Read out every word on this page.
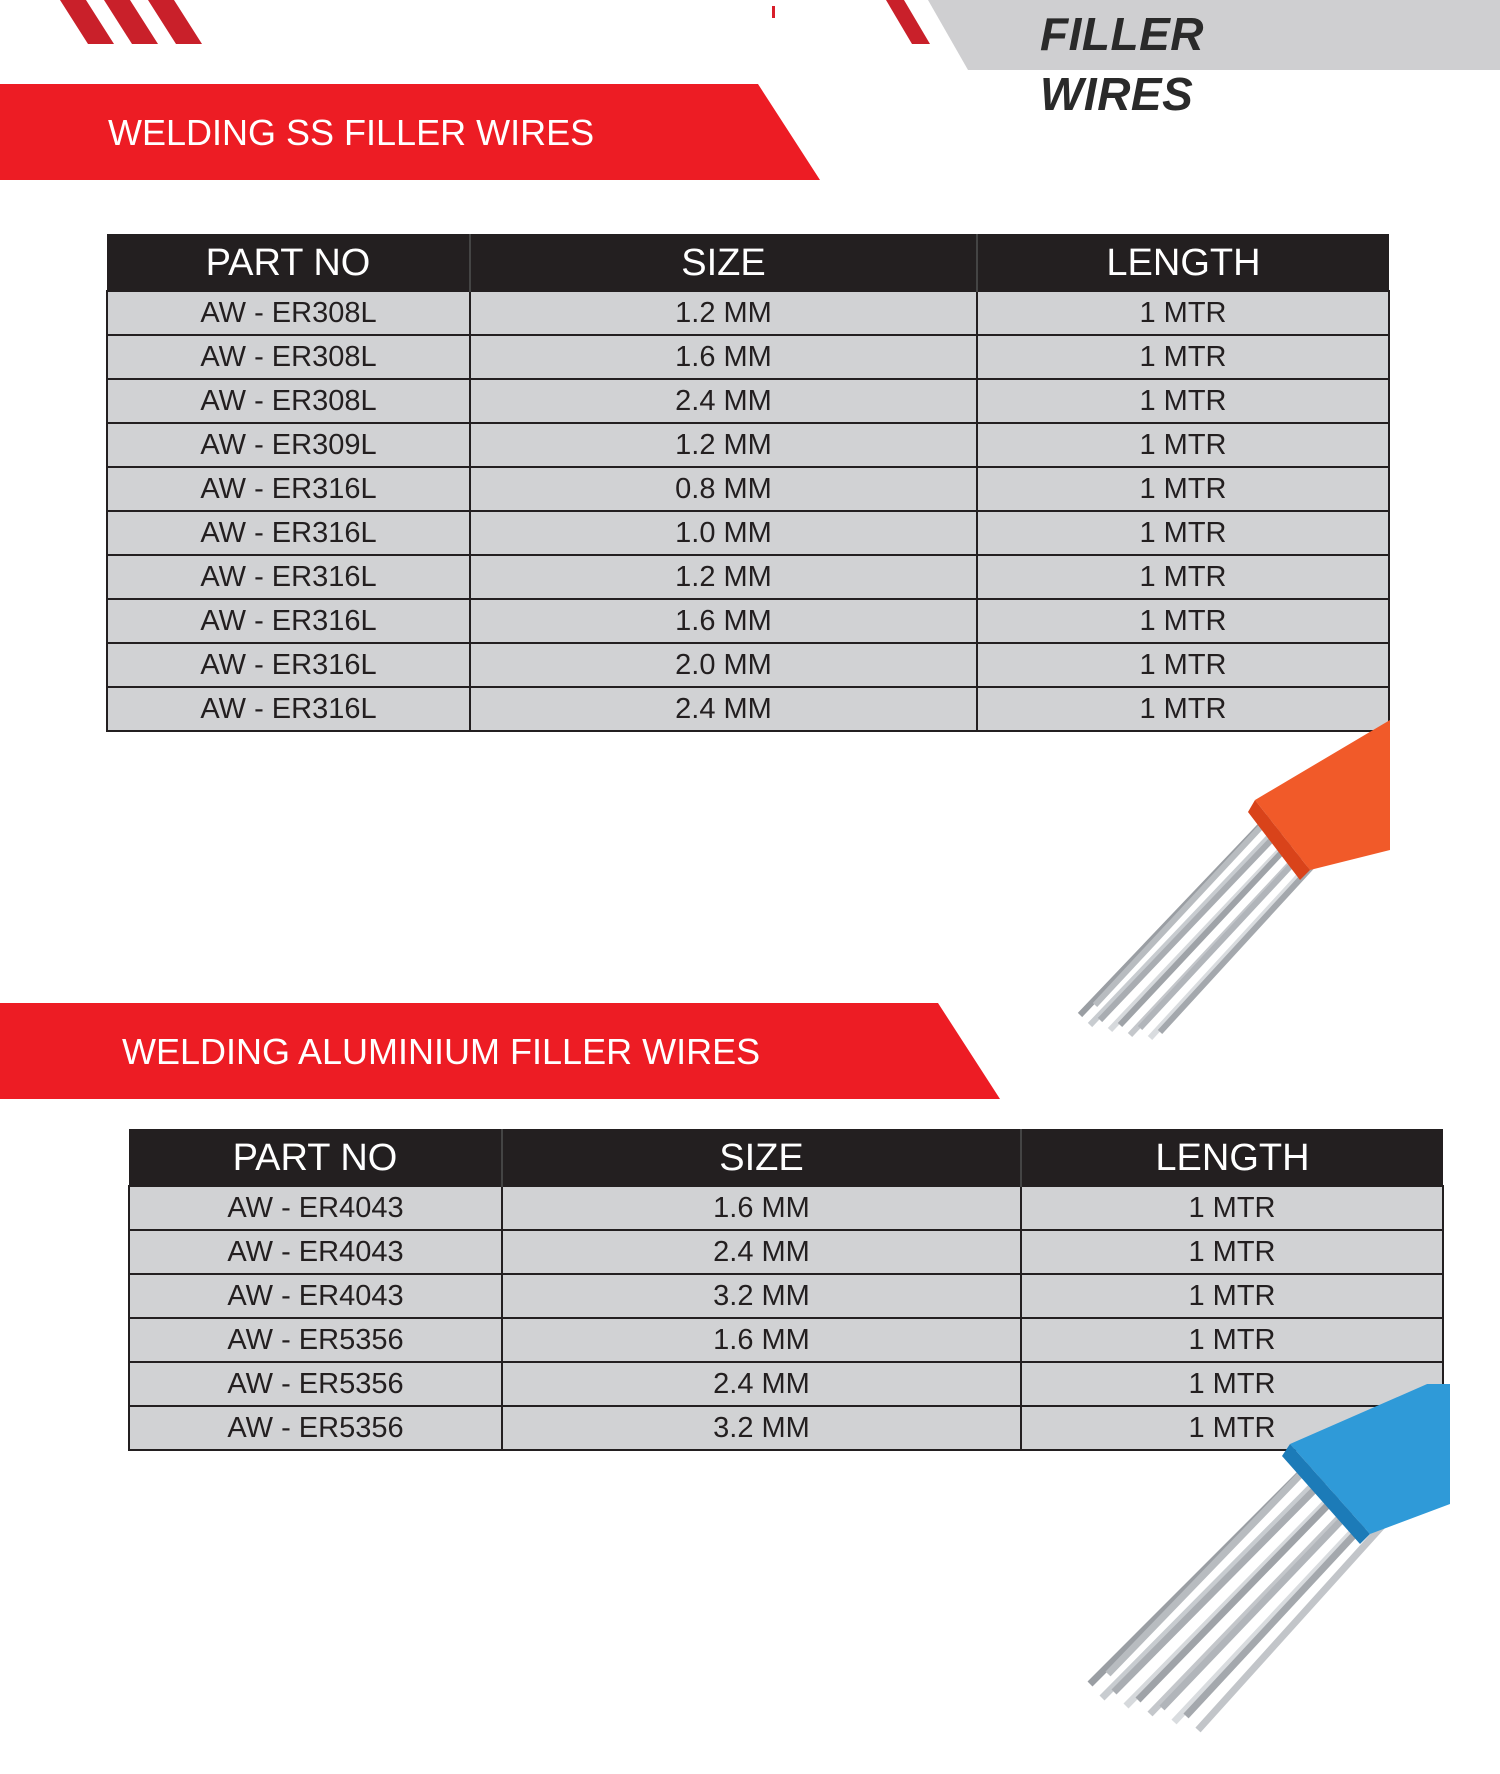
FILLER WIRES
WELDING SS FILLER WIRES
PART NO	SIZE	LENGTH
AW - ER308L	1.2 MM	1 MTR
AW - ER308L	1.6 MM	1 MTR
AW - ER308L	2.4 MM	1 MTR
AW - ER309L	1.2 MM	1 MTR
AW - ER316L	0.8 MM	1 MTR
AW - ER316L	1.0 MM	1 MTR
AW - ER316L	1.2 MM	1 MTR
AW - ER316L	1.6 MM	1 MTR
AW - ER316L	2.0 MM	1 MTR
AW - ER316L	2.4 MM	1 MTR
WELDING ALUMINIUM FILLER WIRES
PART NO	SIZE	LENGTH
AW - ER4043	1.6 MM	1 MTR
AW - ER4043	2.4 MM	1 MTR
AW - ER4043	3.2 MM	1 MTR
AW - ER5356	1.6 MM	1 MTR
AW - ER5356	2.4 MM	1 MTR
AW - ER5356	3.2 MM	1 MTR
